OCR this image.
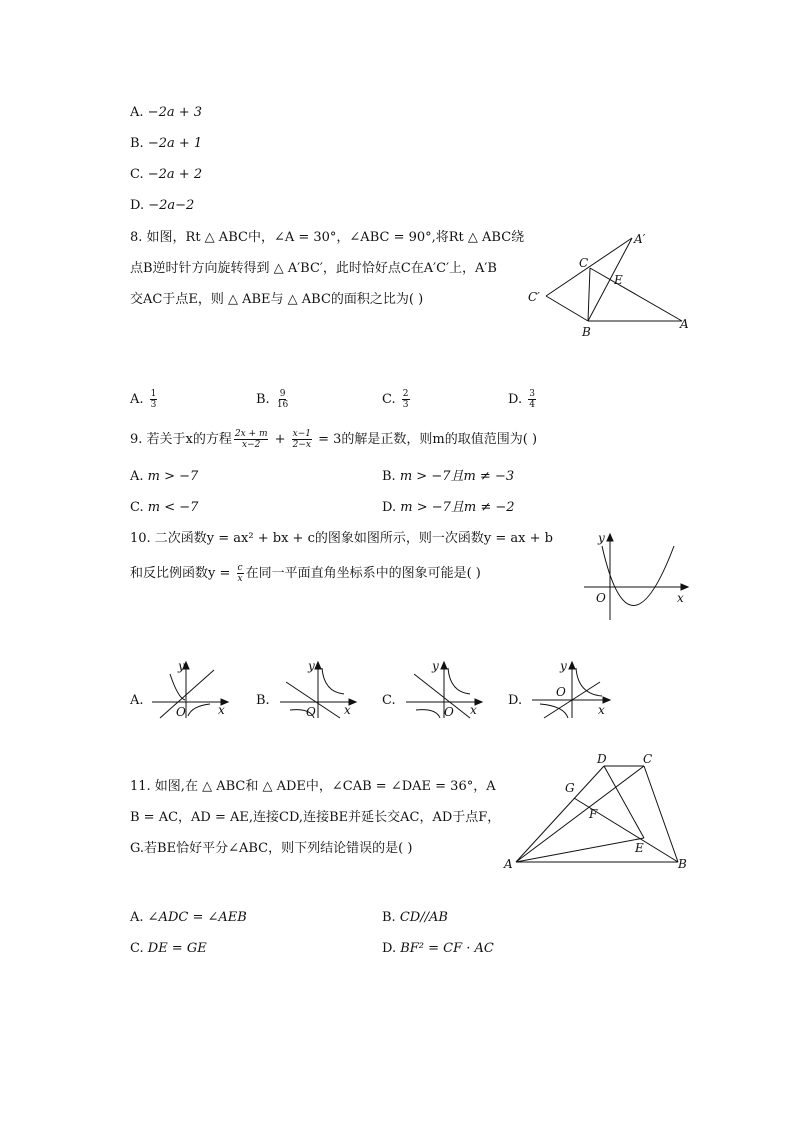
A. −2a + 3
B. −2a + 1
C. −2a + 2
D. −2a−2
8. 如图，Rt △ ABC中，∠A = 30°，∠ABC = 90°,将Rt △ ABC绕
点B逆时针方向旋转得到 △ A′BC′，此时恰好点C在A′C′上，A′B
交AC于点E，则 △ ABE与 △ ABC的面积之比为( )
C
A′
E
C′
B
A
A. $\frac{1}{3}$	B. $\frac{9}{16}$	C. $\frac{2}{3}$	D. $\frac{3}{4}$
9. 若关于x的方程 $\frac{2x + m}{x-2} + \frac{x-1}{2-x} = 3$的解是正数，则m的取值范围为( )
A. m > −7	B. m > −7且m ≠ −3
C. m < −7	D. m > −7且m ≠ −2
10. 二次函数y = ax² + bx + c的图象如图所示，则一次函数y = ax + b
和反比例函数$y = \frac{c}{x}$ 在同一平面直角坐标系中的图象可能是( )
y
O	x
A.
y
O	x
B.
y
O x
C.
y
O x
D.
y
O
x
11. 如图,在 △ ABC和 △ ADE中，∠CAB = ∠DAE = 36°，A
B = AC，AD = AE,连接CD,连接BE并延长交AC，AD于点F，
G.若BE恰好平分∠ABC，则下列结论错误的是( )
D	C
G
F
E
A	B
A. ∠ADC = ∠AEB	B. CD//AB
C. DE = GE	D. BF² = CF · AC
